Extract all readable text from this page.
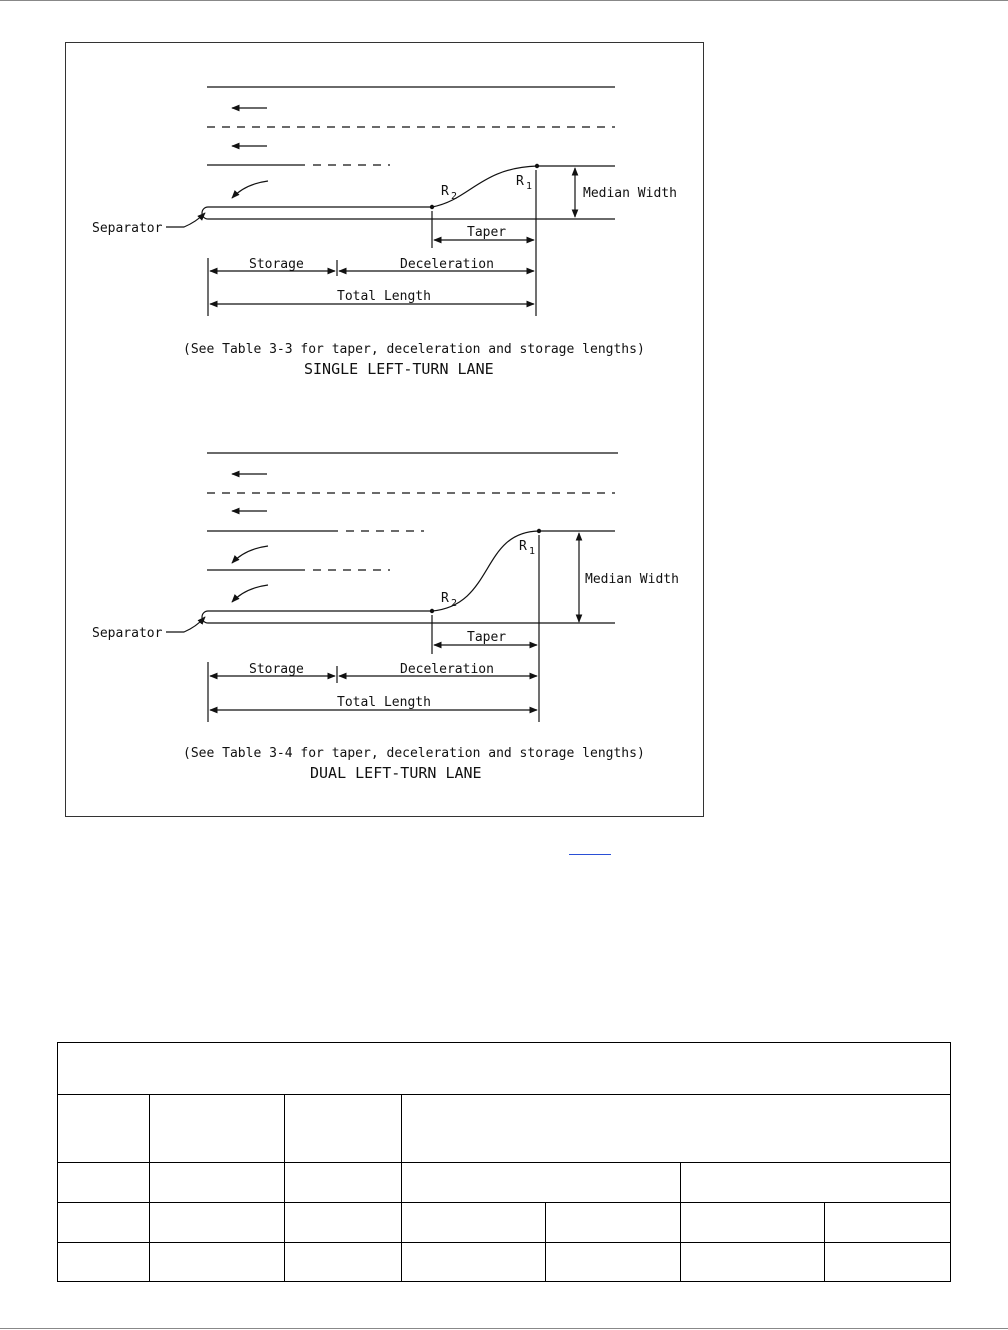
Separator
R 2
R 1	Median Width
Taper
Storage	Deceleration
Total Length
(See Table 3-3 for taper, deceleration and storage lengths)
SINGLE LEFT-TURN LANE
Separator
R 2
R 1
Median Width
Taper
Storage	Deceleration
Total Length
(See Table 3-4 for taper, deceleration and storage lengths)
DUAL LEFT-TURN LANE
